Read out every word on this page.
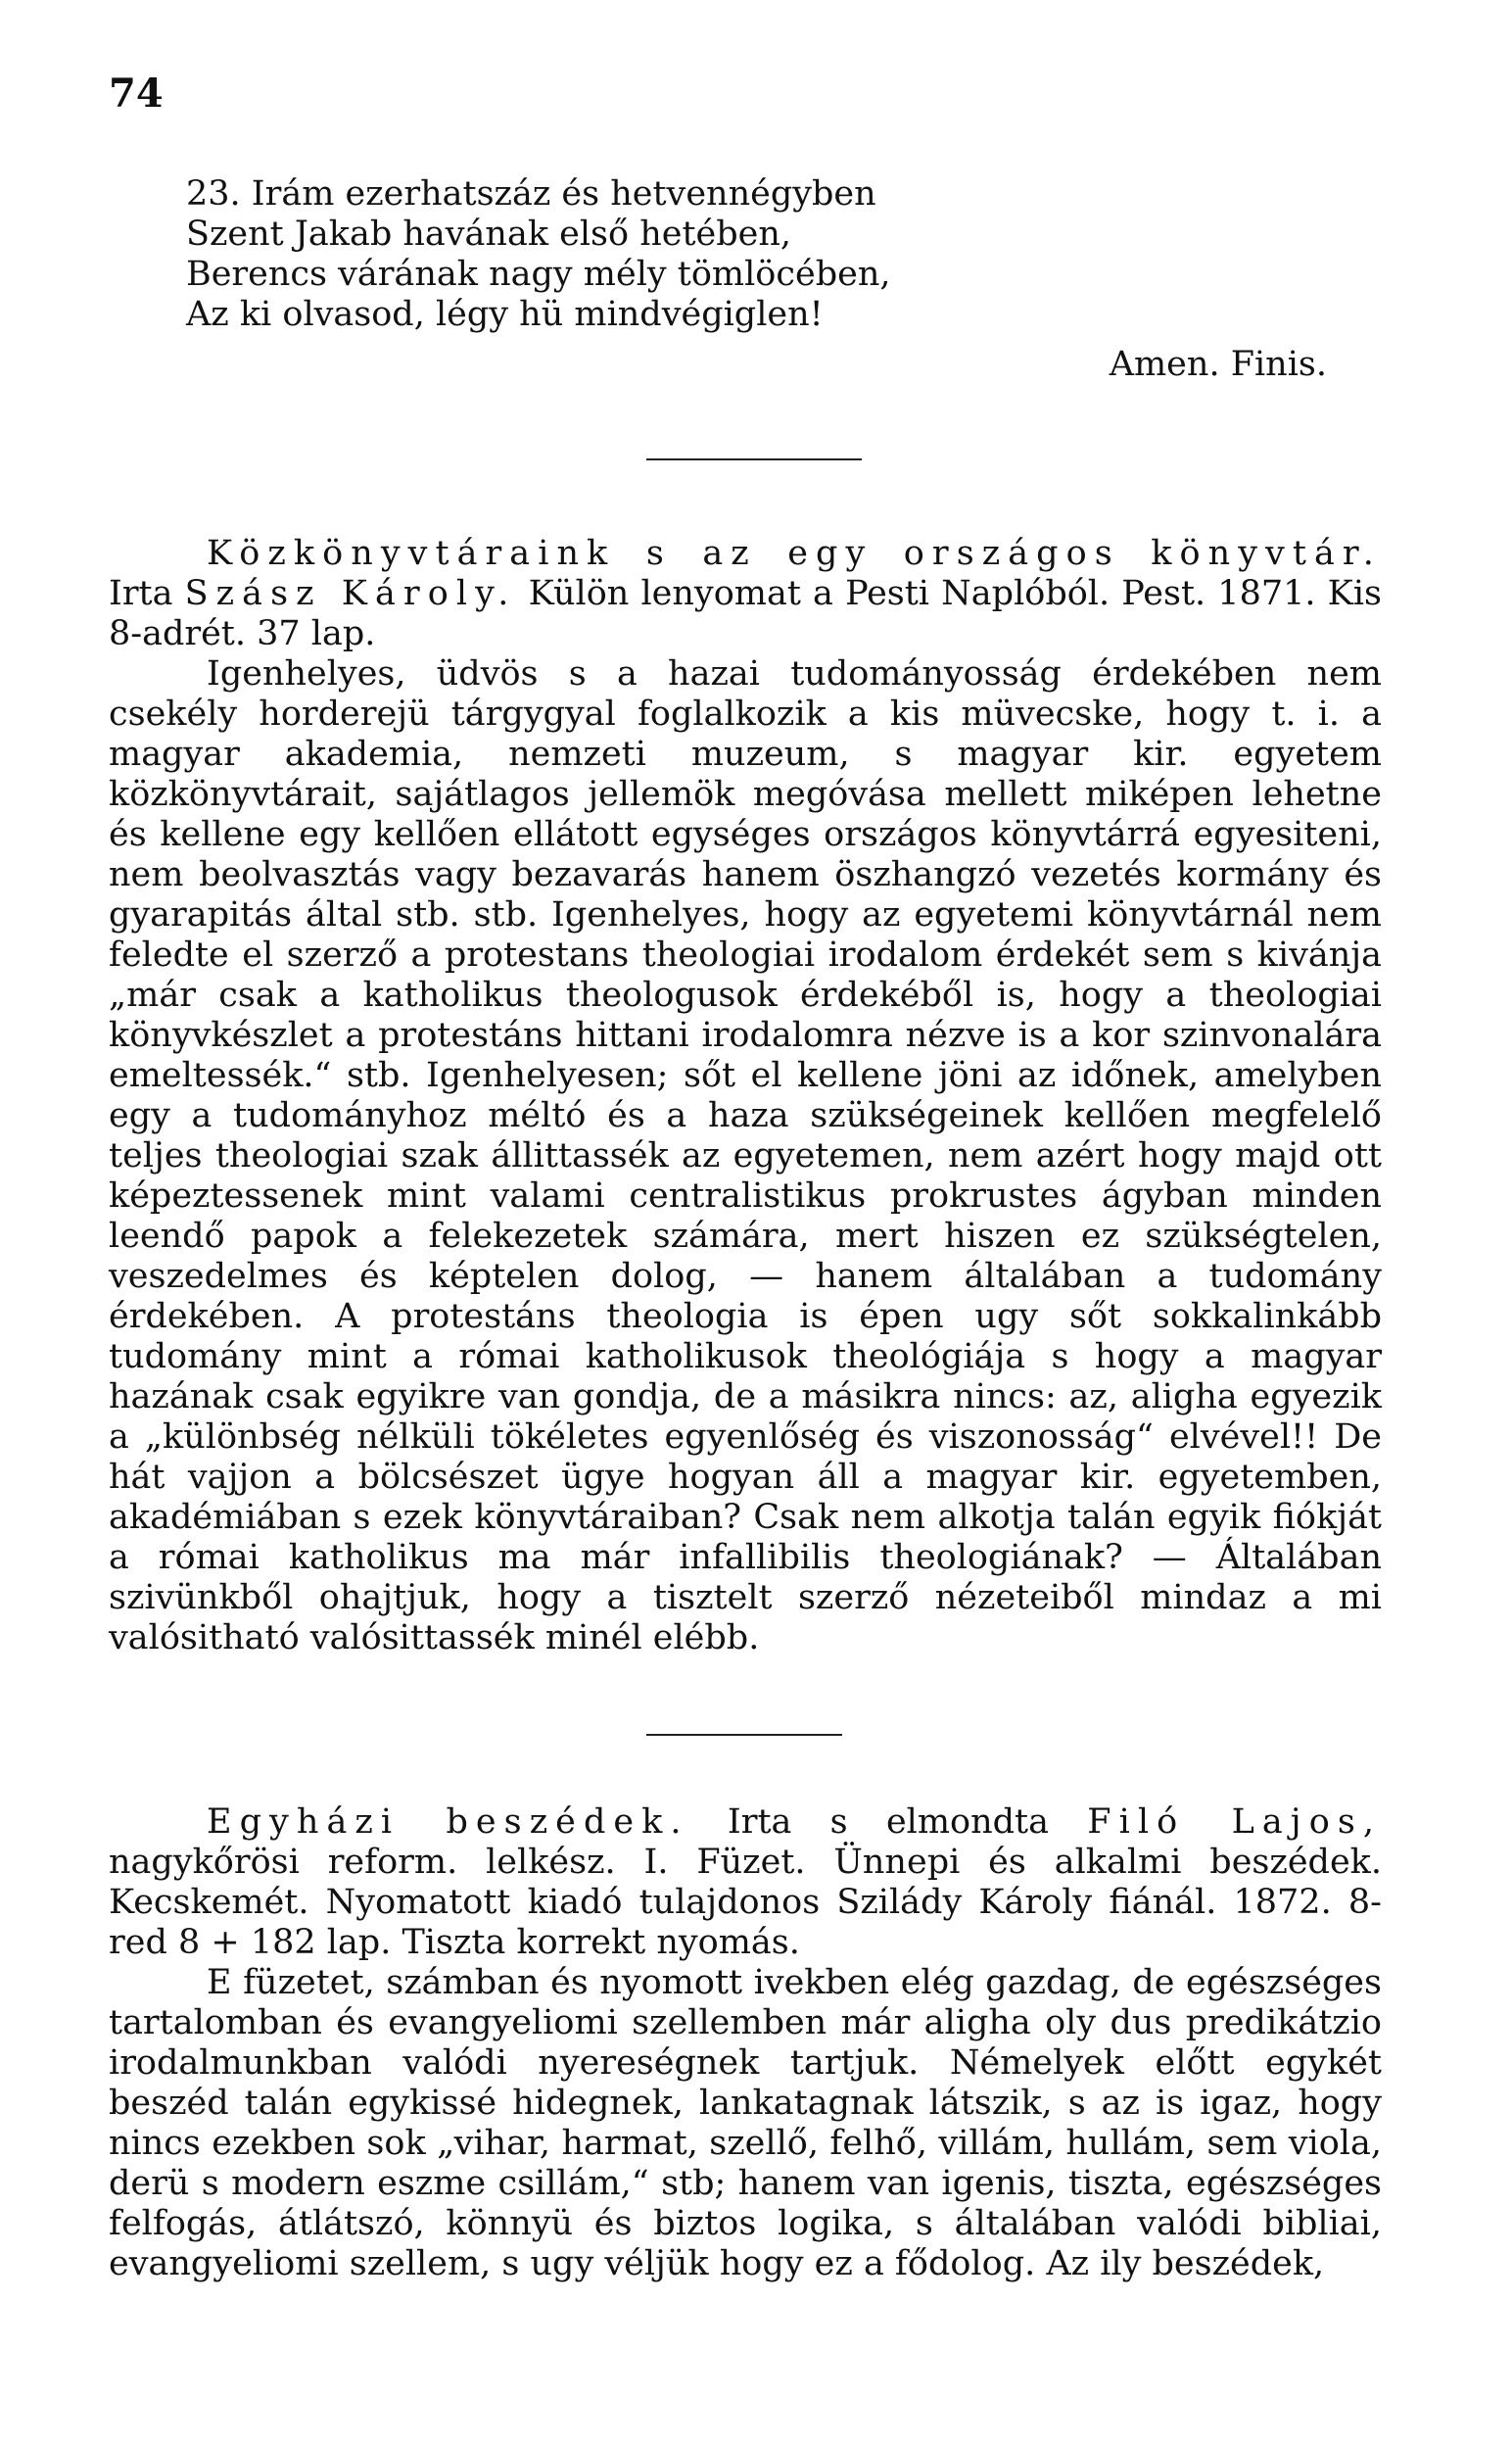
74
23. Irám ezerhatszáz és hetvennégyben
Szent Jakab havának első hetében,
Berencs várának nagy mély tömlöcében,
Az ki olvasod, légy hü mindvégiglen!
Amen. Finis.

Közkönyvtáraink s az egy országos könyvtár. Irta Szász Károly. Külön lenyomat a Pesti Naplóból. Pest. 1871. Kis 8-adrét. 37 lap.

Igenhelyes, üdvös s a hazai tudományosság érdekében nem csekély horderejü tárgygyal foglalkozik a kis müvecske, hogy t. i. a magyar akademia, nemzeti muzeum, s magyar kir. egyetem közkönyvtárait, sajátlagos jellemök megóvása mellett miképen lehetne és kellene egy kellően ellátott egységes országos könyvtárrá egyesiteni, nem beolvasztás vagy bezavarás hanem öszhangzó vezetés kormány és gyarapitás által stb. stb. Igenhelyes, hogy az egyetemi könyvtárnál nem feledte el szerző a protestans theologiai irodalom érdekét sem s kivánja „már csak a katholikus theologusok érdekéből is, hogy a theologiai könyvkészlet a protestáns hittani irodalomra nézve is a kor szinvonalára emeltessék.“ stb. Igenhelyesen; sőt el kellene jöni az időnek, amelyben egy a tudományhoz méltó és a haza szükségeinek kellően megfelelő teljes theologiai szak állittassék az egyetemen, nem azért hogy majd ott képeztessenek mint valami centralistikus prokrustes ágyban minden leendő papok a felekezetek számára, mert hiszen ez szükségtelen, veszedelmes és képtelen dolog, — hanem általában a tudomány érdekében. A protestáns theologia is épen ugy sőt sokkalinkább tudomány mint a római katholikusok theológiája s hogy a magyar hazának csak egyikre van gondja, de a másikra nincs: az, aligha egyezik a „különbség nélküli tökéletes egyenlőség és viszonosság“ elvével!! De hát vajjon a bölcsészet ügye hogyan áll a magyar kir. egyetemben, akadémiában s ezek könyvtáraiban? Csak nem alkotja talán egyik fiókját a római katholikus ma már infallibilis theologiának? — Általában szivünkből ohajtjuk, hogy a tisztelt szerző nézeteiből mindaz a mi valósitható valósittassék minél elébb.

Egyházi beszédek. Irta s elmondta Filó Lajos, nagykőrösi reform. lelkész. I. Füzet. Ünnepi és alkalmi beszédek. Kecskemét. Nyomatott kiadó tulajdonos Szilády Károly fiánál. 1872. 8-red 8 + 182 lap. Tiszta korrekt nyomás.

E füzetet, számban és nyomott ivekben elég gazdag, de egészséges tartalomban és evangyeliomi szellemben már aligha oly dus predikátzio irodalmunkban valódi nyereségnek tartjuk. Némelyek előtt egykét beszéd talán egykissé hidegnek, lankatagnak látszik, s az is igaz, hogy nincs ezekben sok „vihar, harmat, szellő, felhő, villám, hullám, sem viola, derü s modern eszme csillám,“ stb; hanem van igenis, tiszta, egészséges felfogás, átlátszó, könnyü és biztos logika, s általában valódi bibliai, evangyeliomi szellem, s ugy véljük hogy ez a fődolog. Az ily beszédek,
